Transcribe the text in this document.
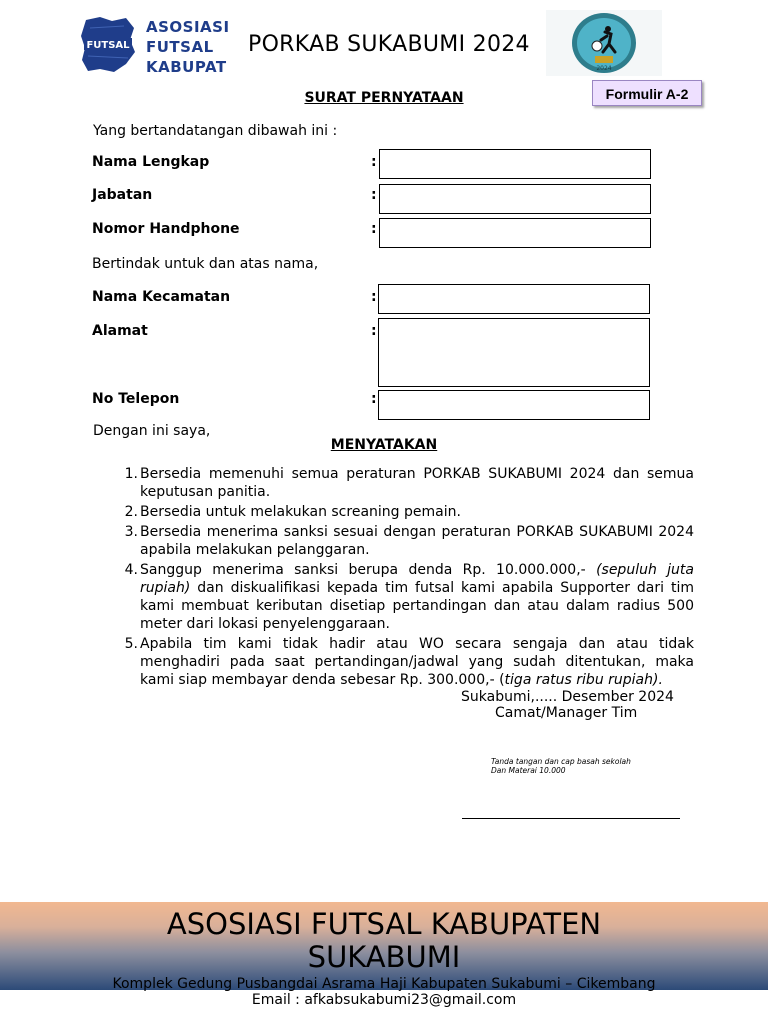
FUTSAL
ASOSIASI
FUTSAL
KABUPAT
PORKAB SUKABUMI 2024
2024
Formulir A-2
SURAT PERNYATAAN
Yang bertandatangan dibawah ini :
Nama Lengkap	:
Jabatan	:
Nomor Handphone	:
Bertindak untuk dan atas nama,
Nama Kecamatan	:
Alamat	:
No Telepon	:
Dengan ini saya,
MENYATAKAN
1 . Bersedia memenuhi semua peraturan PORKAB SUKABUMI 2024 dan semua keputusan panitia.
2 . Bersedia untuk melakukan screaning pemain.
3 . Bersedia menerima sanksi sesuai dengan peraturan PORKAB SUKABUMI 2024 apabila melakukan pelanggaran.
4 . Sanggup menerima sanksi berupa denda Rp. 10.000.000,- (sepuluh juta rupiah) dan diskualifikasi kepada tim futsal kami apabila Supporter dari tim kami membuat keributan disetiap pertandingan dan atau dalam radius 500 meter dari lokasi penyelenggaraan.
5 . Apabila tim kami tidak hadir atau WO secara sengaja dan atau tidak menghadiri pada saat pertandingan/jadwal yang sudah ditentukan, maka kami siap membayar denda sebesar Rp. 300.000,- (tiga ratus ribu rupiah).
Sukabumi,..... Desember 2024
Camat/Manager Tim
Tanda tangan dan cap basah sekolah
Dan Materai 10.000
ASOSIASI FUTSAL KABUPATEN
SUKABUMI
Komplek Gedung Pusbangdai Asrama Haji Kabupaten Sukabumi – Cikembang
Email : afkabsukabumi23@gmail.com
